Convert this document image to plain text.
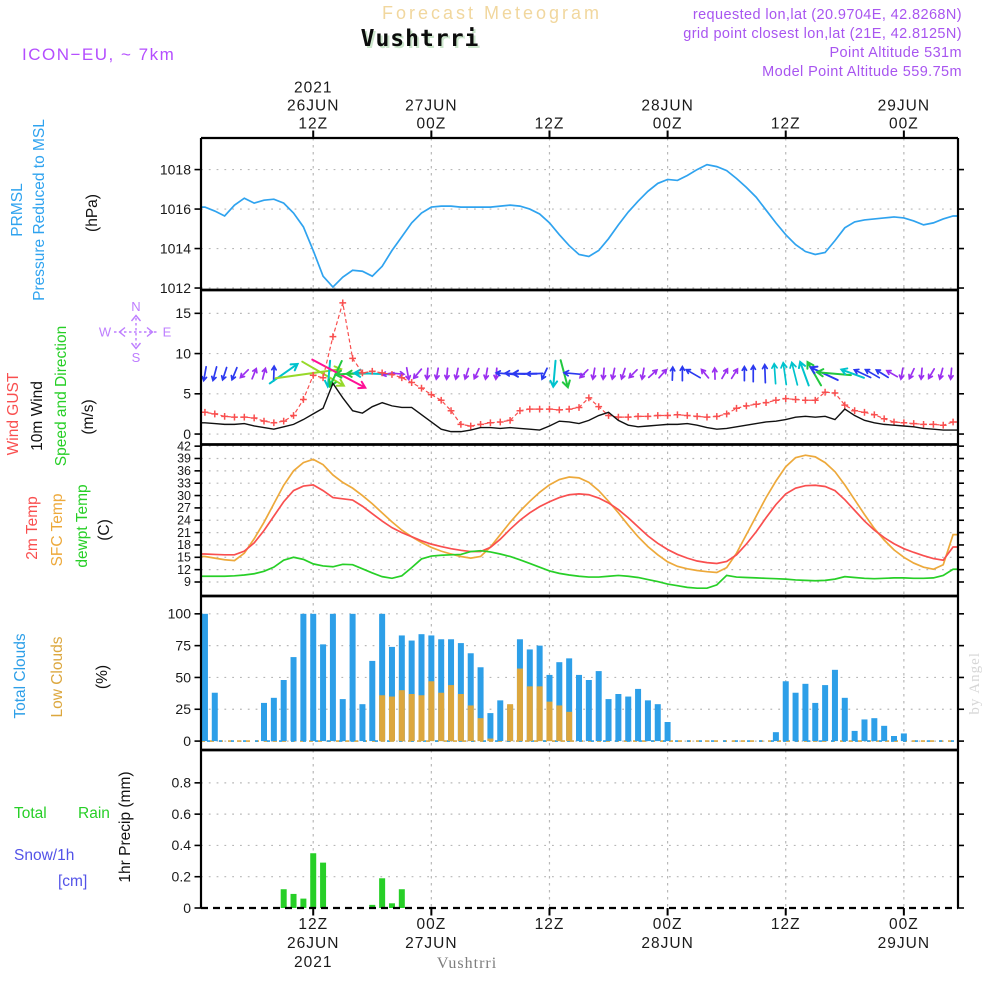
Forecast Meteogram
Vushtrri
ICON−EU, ~ 7km
requested lon,lat (20.9704E, 42.8268N)
grid point closest lon,lat (21E, 42.8125N)
Point Altitude 531m
Model Point Altitude 559.75m
1012
1014
1016
1018
PRMSL Pressure Reduced to MSL (hPa)
N
S
W	E
0
5
10
15
Wind GUST 10m Wind Speed and Direction (m/s)
9
12
15
18
21
24
27
30
33
36
39
42
2m Temp SFC Temp dewpt Temp (C)
0
25
50
75
100
Total Clouds Low Clouds (%)
0
0.2
0.4
0.6
0.8
1hr Precip (mm)
Total Rain
Snow/1h
[cm]
12Z
26JUN
2021
00Z
27JUN
12Z	00Z
28JUN
12Z	00Z
29JUN
12Z
26JUN
2021
00Z
27JUN
12Z	00Z
28JUN
12Z	00Z
29JUN
by Angel
Vushtrri
